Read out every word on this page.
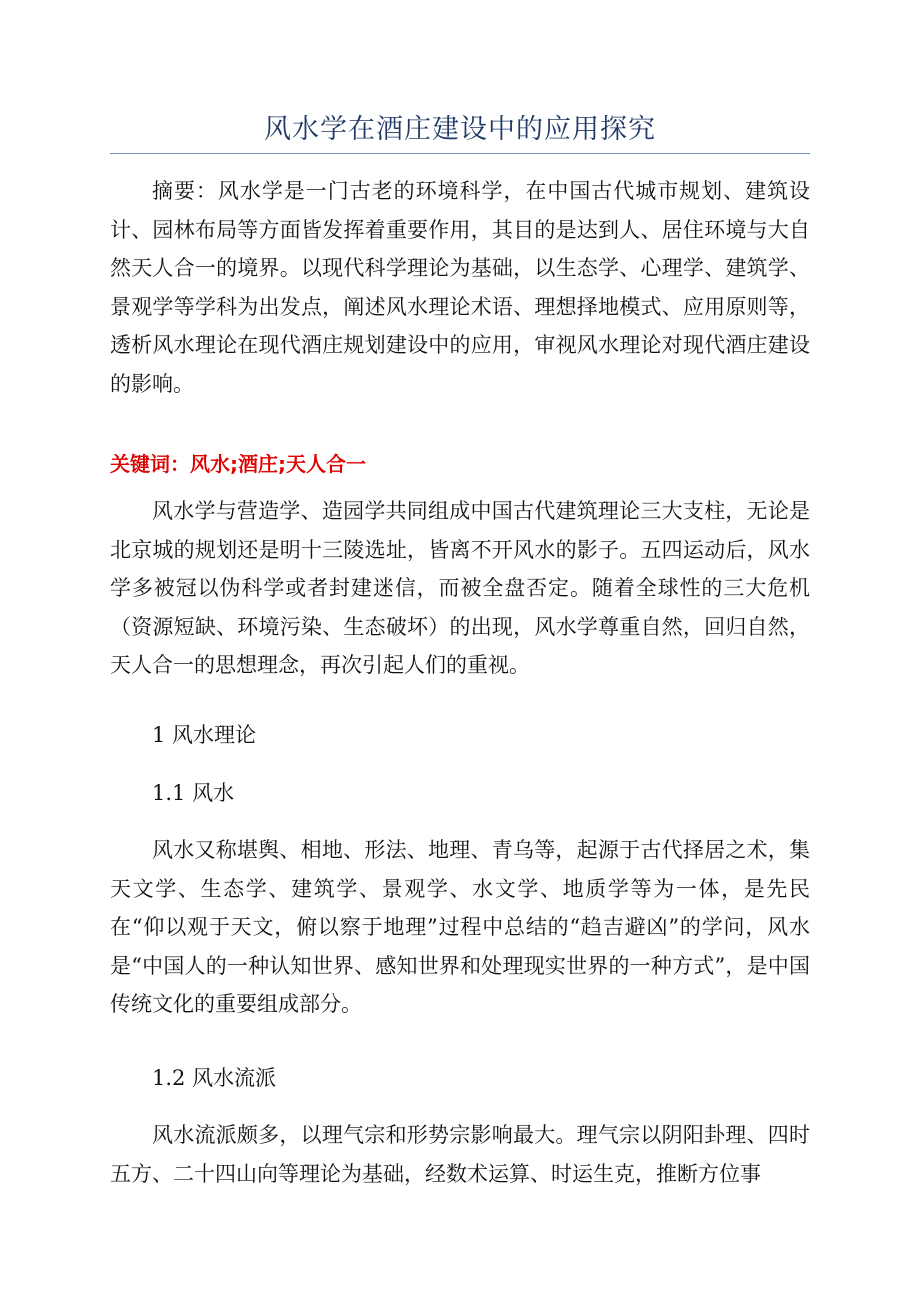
风水学在酒庄建设中的应用探究

摘要：风水学是一门古老的环境科学，在中国古代城市规划、建筑设计、园林布局等方面皆发挥着重要作用，其目的是达到人、居住环境与大自然天人合一的境界。以现代科学理论为基础，以生态学、心理学、建筑学、景观学等学科为出发点，阐述风水理论术语、理想择地模式、应用原则等，透析风水理论在现代酒庄规划建设中的应用，审视风水理论对现代酒庄建设的影响。

关键词：风水;酒庄;天人合一

风水学与营造学、造园学共同组成中国古代建筑理论三大支柱，无论是北京城的规划还是明十三陵选址，皆离不开风水的影子。五四运动后，风水学多被冠以伪科学或者封建迷信，而被全盘否定。随着全球性的三大危机（资源短缺、环境污染、生态破坏）的出现，风水学尊重自然，回归自然，天人合一的思想理念，再次引起人们的重视。

1 风水理论
1.1 风水

风水又称堪舆、相地、形法、地理、青乌等，起源于古代择居之术，集天文学、生态学、建筑学、景观学、水文学、地质学等为一体，是先民在“仰以观于天文，俯以察于地理”过程中总结的“趋吉避凶”的学问，风水是“中国人的一种认知世界、感知世界和处理现实世界的一种方式”，是中国传统文化的重要组成部分。

1.2 风水流派

风水流派颇多，以理气宗和形势宗影响最大。理气宗以阴阳卦理、四时五方、二十四山向等理论为基础，经数术运算、时运生克，推断方位事
